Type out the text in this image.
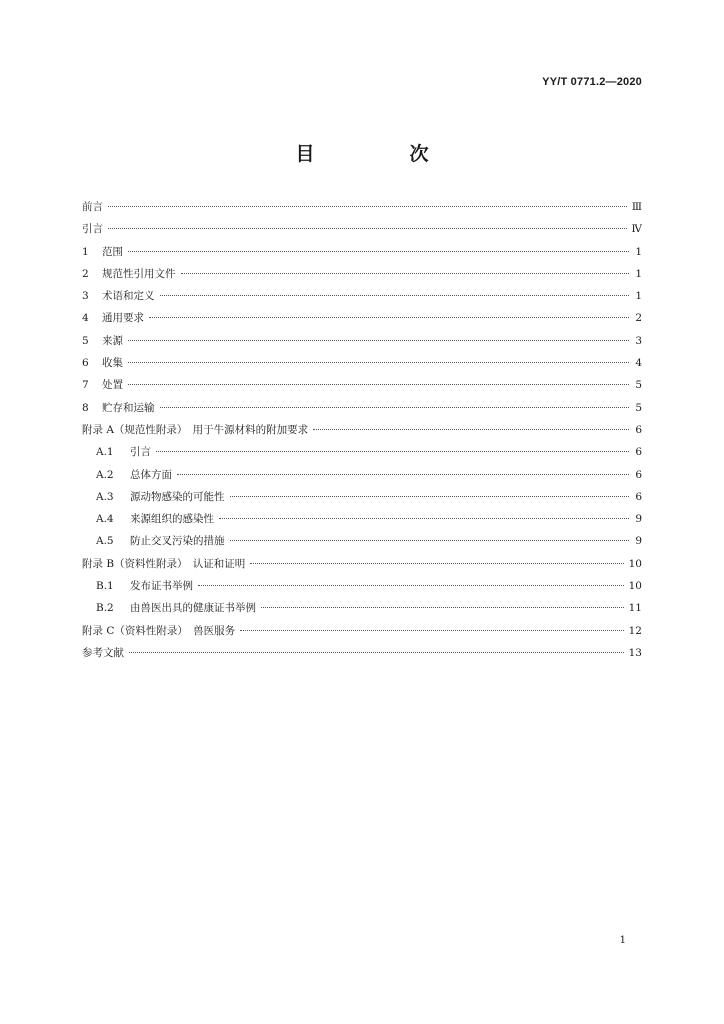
YY/T 0771.2—2020
目　次
前言	Ⅲ
引言	Ⅳ
1 范围	1
2 规范性引用文件	1
3 术语和定义	1
4 通用要求	2
5 来源	3
6 收集	4
7 处置	5
8 贮存和运输	5
附录 A（规范性附录）　用于牛源材料的附加要求	6
A.1 引言	6
A.2 总体方面	6
A.3 源动物感染的可能性	6
A.4 来源组织的感染性	9
A.5 防止交叉污染的措施	9
附录 B（资料性附录）　认证和证明	10
B.1 发布证书举例	10
B.2 由兽医出具的健康证书举例	11
附录 C（资料性附录）　兽医服务	12
参考文献	13
1
